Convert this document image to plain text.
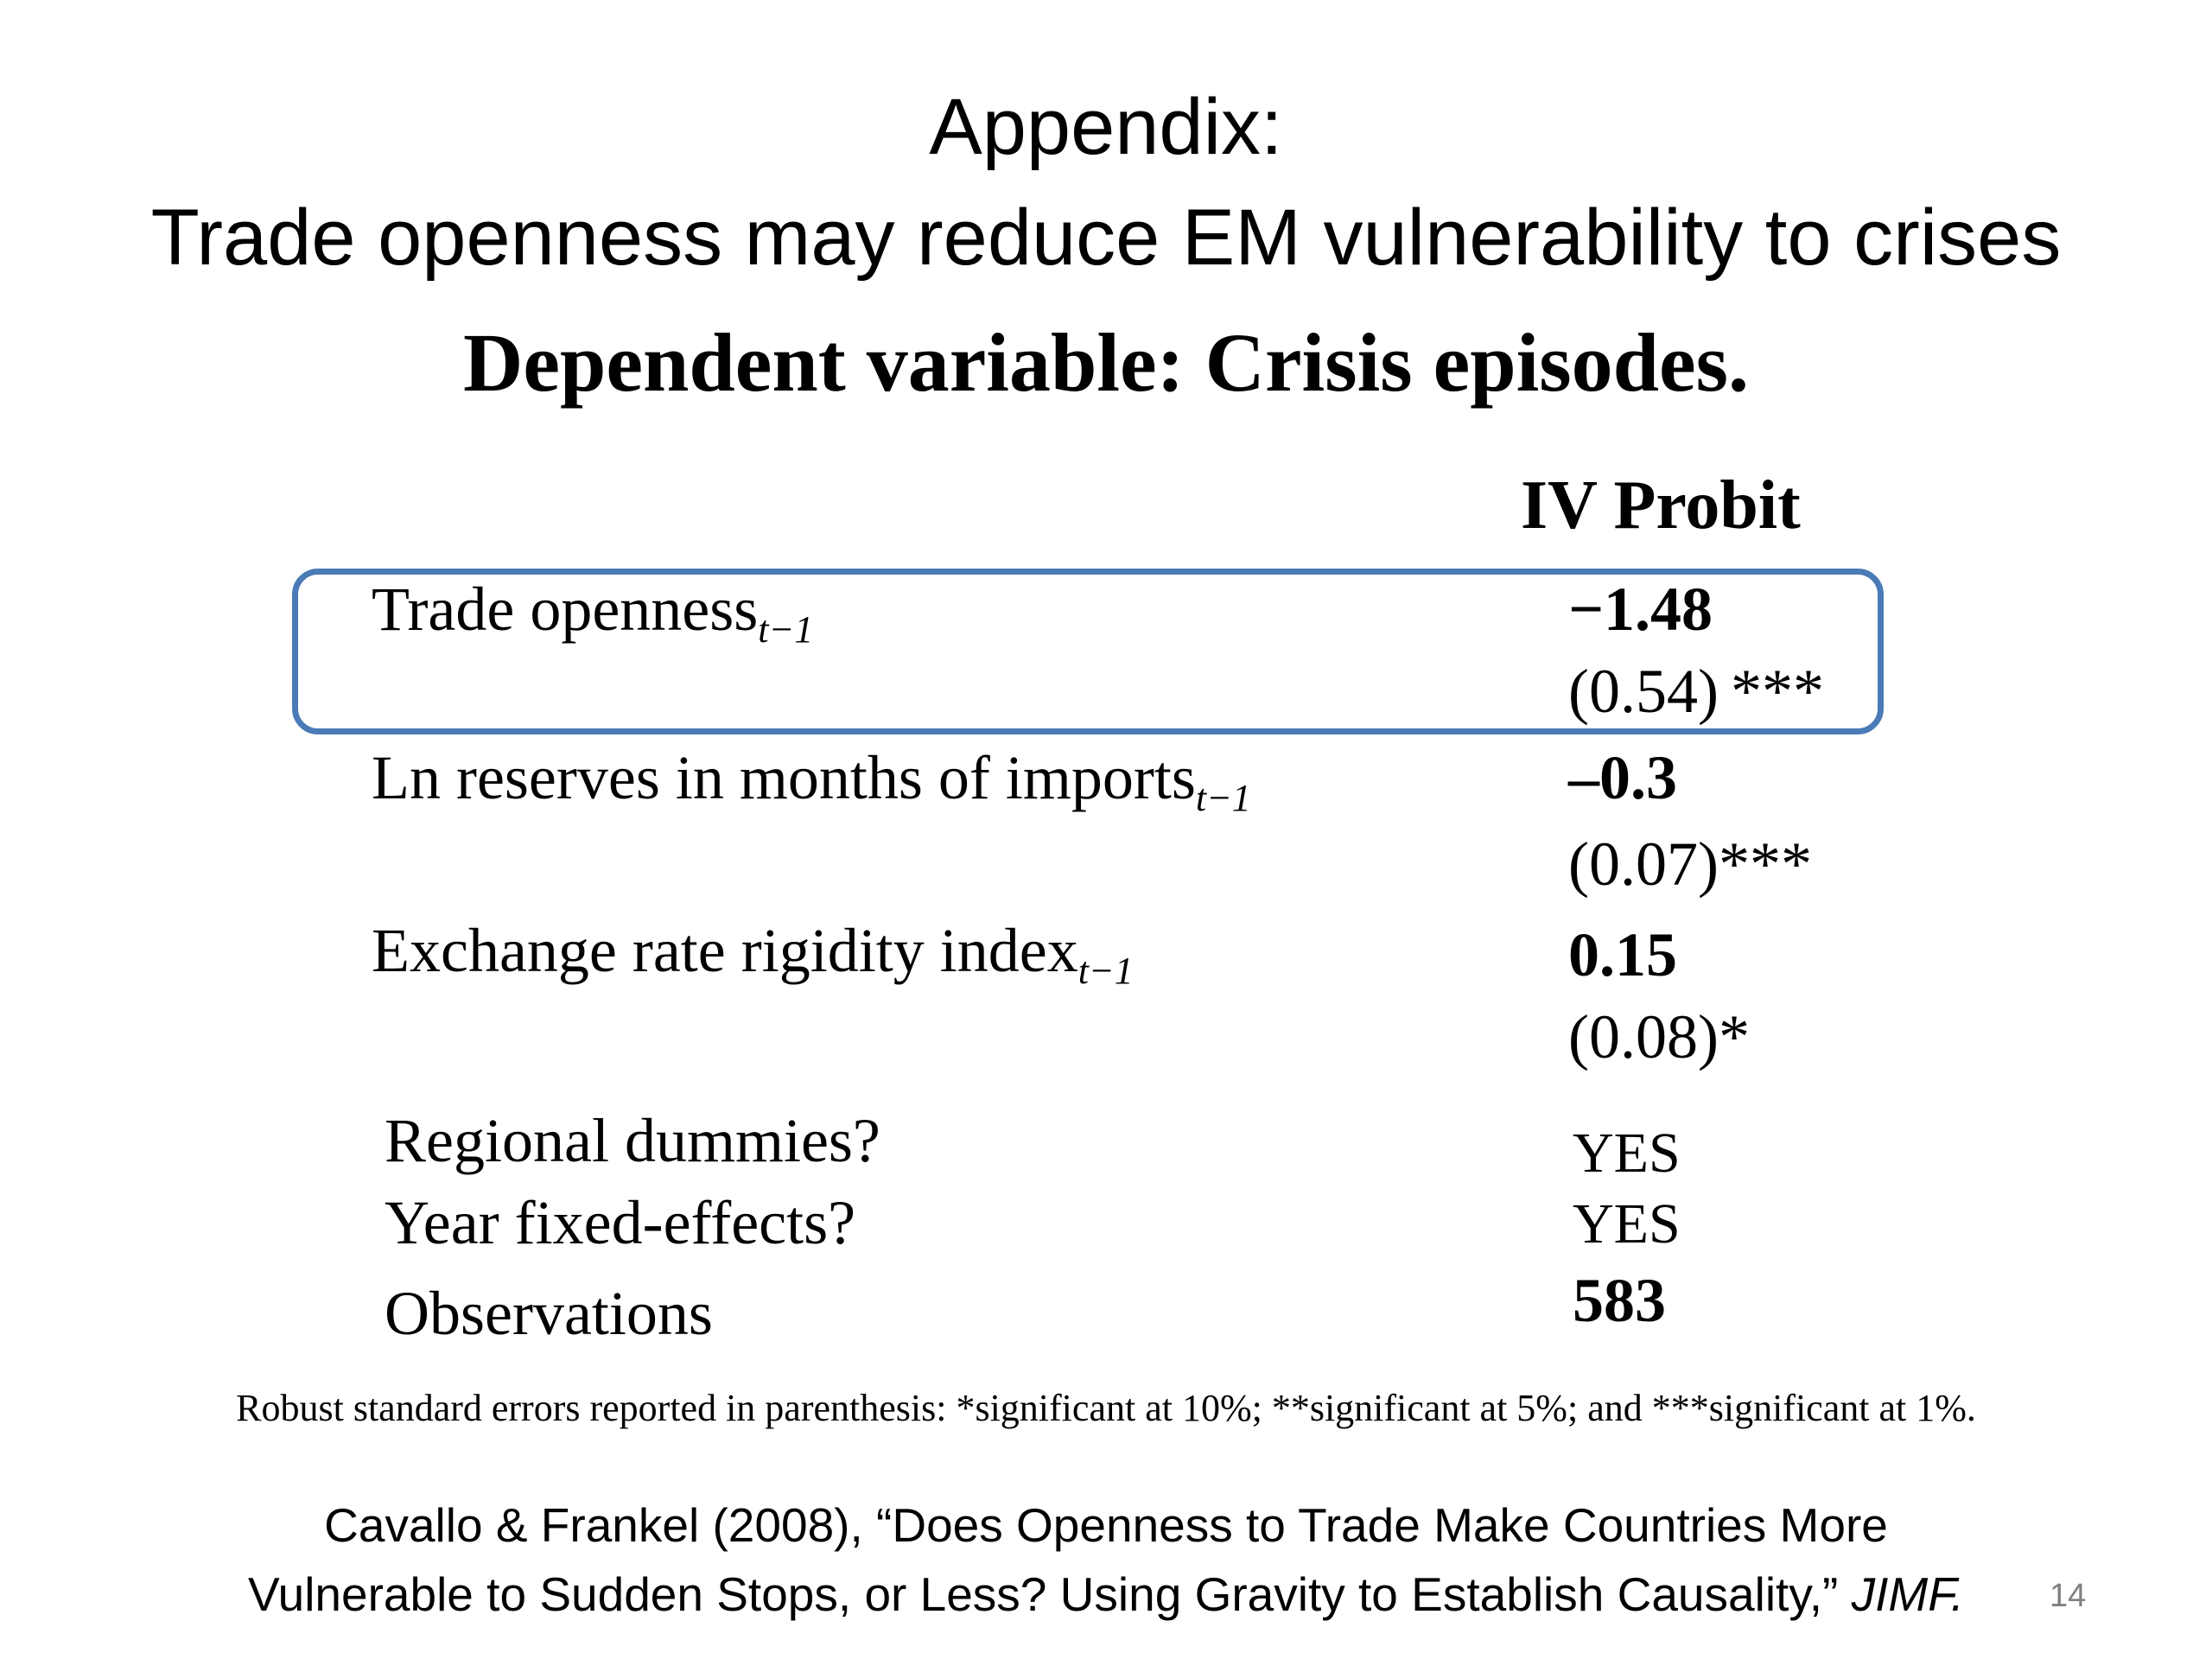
Appendix:
Trade openness may reduce EM vulnerability to crises
Dependent variable: Crisis episodes.
IV Probit
Trade openness$_{t-1}$	−1.48
(0.54) ***
Ln reserves in months of imports$_{t-1}$	–0.3
(0.07)***
Exchange rate rigidity index$_{t-1}$	0.15
(0.08)*
Regional dummies?	YES
Year fixed-effects?	YES
Observations	583
Robust standard errors reported in parenthesis: *significant at 10%; **significant at 5%; and ***significant at 1%.
Cavallo & Frankel (2008), “Does Openness to Trade Make Countries More
Vulnerable to Sudden Stops, or Less? Using Gravity to Establish Causality,” JIMF.	14
